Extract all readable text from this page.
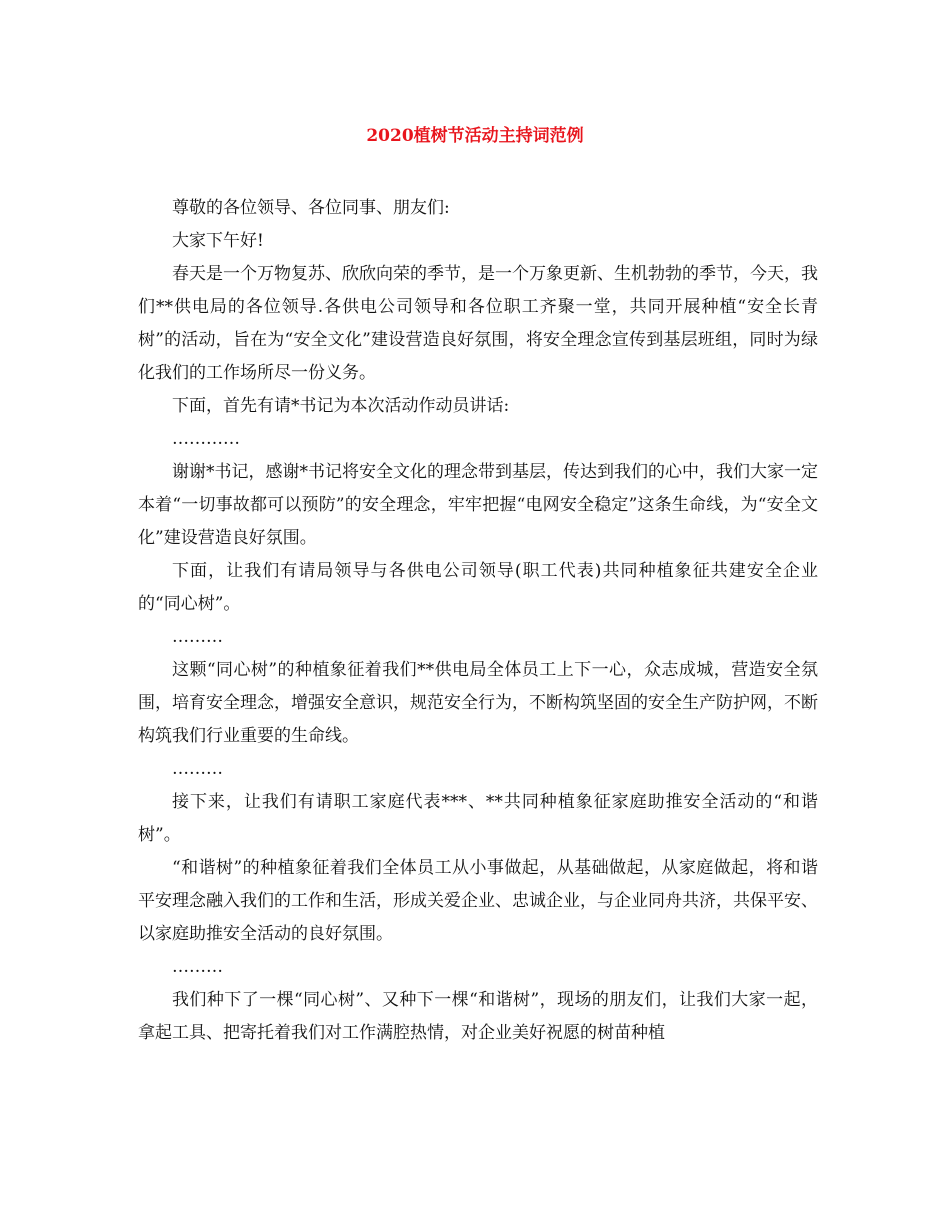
2020植树节活动主持词范例

尊敬的各位领导、各位同事、朋友们:

大家下午好!

春天是一个万物复苏、欣欣向荣的季节，是一个万象更新、生机勃勃的季节，今天，我们**供电局的各位领导.各供电公司领导和各位职工齐聚一堂，共同开展种植“安全长青树”的活动，旨在为“安全文化”建设营造良好氛围，将安全理念宣传到基层班组，同时为绿化我们的工作场所尽一份义务。

下面，首先有请*书记为本次活动作动员讲话:

…………

谢谢*书记，感谢*书记将安全文化的理念带到基层，传达到我们的心中，我们大家一定本着“一切事故都可以预防”的安全理念，牢牢把握“电网安全稳定”这条生命线，为“安全文化”建设营造良好氛围。

下面，让我们有请局领导与各供电公司领导(职工代表)共同种植象征共建安全企业的“同心树”。

………

这颗“同心树”的种植象征着我们**供电局全体员工上下一心，众志成城，营造安全氛围，培育安全理念，增强安全意识，规范安全行为，不断构筑坚固的安全生产防护网，不断构筑我们行业重要的生命线。

………

接下来，让我们有请职工家庭代表***、**共同种植象征家庭助推安全活动的“和谐树”。

“和谐树”的种植象征着我们全体员工从小事做起，从基础做起，从家庭做起，将和谐平安理念融入我们的工作和生活，形成关爱企业、忠诚企业，与企业同舟共济，共保平安、以家庭助推安全活动的良好氛围。

………

我们种下了一棵“同心树”、又种下一棵“和谐树”，现场的朋友们，让我们大家一起，拿起工具、把寄托着我们对工作满腔热情，对企业美好祝愿的树苗种植
